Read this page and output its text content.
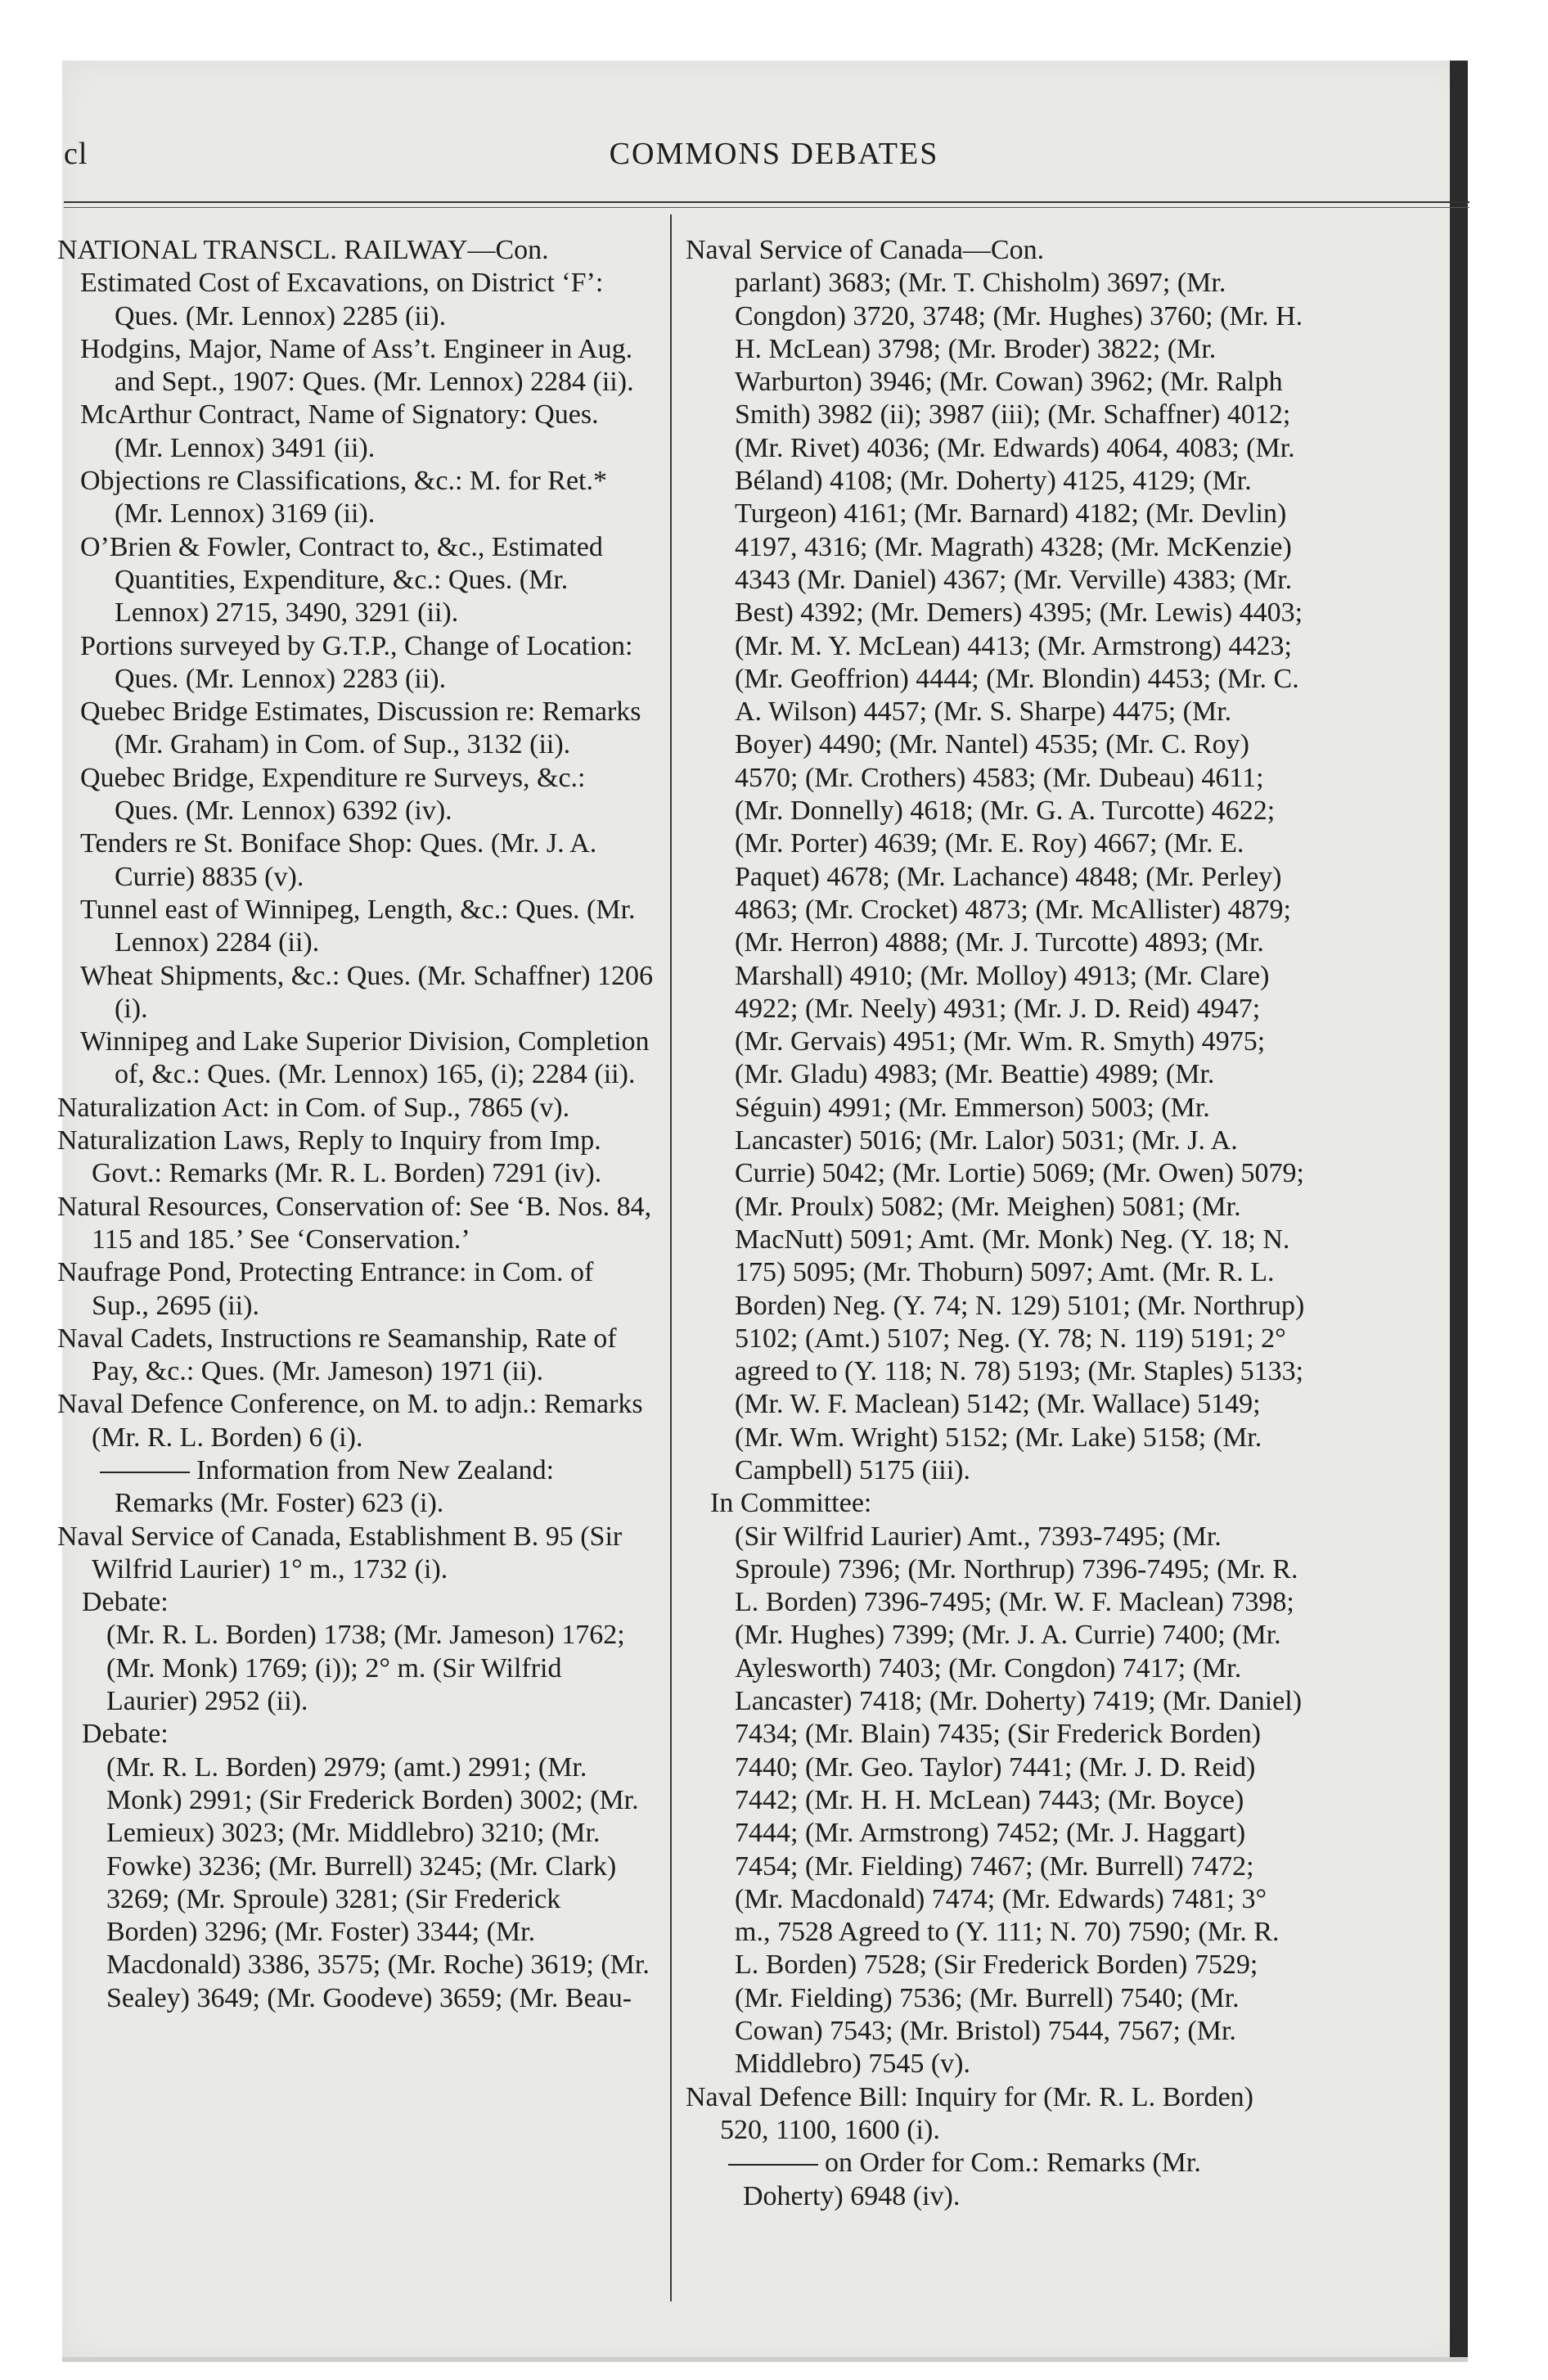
cl	COMMONS DEBATES

NATIONAL TRANSCL. RAILWAY—Con.

Estimated Cost of Excavations, on District ‘F’: Ques. (Mr. Lennox) 2285 (ii).

Hodgins, Major, Name of Ass’t. Engineer in Aug. and Sept., 1907: Ques. (Mr. Lennox) 2284 (ii).

McArthur Contract, Name of Signatory: Ques. (Mr. Lennox) 3491 (ii).

Objections re Classifications, &c.: M. for Ret.* (Mr. Lennox) 3169 (ii).

O’Brien & Fowler, Contract to, &c., Estimated Quantities, Expenditure, &c.: Ques. (Mr. Lennox) 2715, 3490, 3291 (ii).

Portions surveyed by G.T.P., Change of Location: Ques. (Mr. Lennox) 2283 (ii).

Quebec Bridge Estimates, Discussion re: Remarks (Mr. Graham) in Com. of Sup., 3132 (ii).

Quebec Bridge, Expenditure re Surveys, &c.: Ques. (Mr. Lennox) 6392 (iv).

Tenders re St. Boniface Shop: Ques. (Mr. J. A. Currie) 8835 (v).

Tunnel east of Winnipeg, Length, &c.: Ques. (Mr. Lennox) 2284 (ii).

Wheat Shipments, &c.: Ques. (Mr. Schaffner) 1206 (i).

Winnipeg and Lake Superior Division, Completion of, &c.: Ques. (Mr. Lennox) 165, (i); 2284 (ii).

Naturalization Act: in Com. of Sup., 7865 (v).

Naturalization Laws, Reply to Inquiry from Imp. Govt.: Remarks (Mr. R. L. Borden) 7291 (iv).

Natural Resources, Conservation of: See ‘B. Nos. 84, 115 and 185.’ See ‘Conservation.’

Naufrage Pond, Protecting Entrance: in Com. of Sup., 2695 (ii).

Naval Cadets, Instructions re Seamanship, Rate of Pay, &c.: Ques. (Mr. Jameson) 1971 (ii).

Naval Defence Conference, on M. to adjn.: Remarks (Mr. R. L. Borden) 6 (i).

Information from New Zealand: Remarks (Mr. Foster) 623 (i).

Naval Service of Canada, Establishment B. 95 (Sir Wilfrid Laurier) 1° m., 1732 (i).

Debate:

(Mr. R. L. Borden) 1738; (Mr. Jameson) 1762; (Mr. Monk) 1769; (i)); 2° m. (Sir Wilfrid Laurier) 2952 (ii).

Debate:

(Mr. R. L. Borden) 2979; (amt.) 2991; (Mr. Monk) 2991; (Sir Frederick Borden) 3002; (Mr. Lemieux) 3023; (Mr. Middlebro) 3210; (Mr. Fowke) 3236; (Mr. Burrell) 3245; (Mr. Clark) 3269; (Mr. Sproule) 3281; (Sir Frederick Borden) 3296; (Mr. Foster) 3344; (Mr. Macdonald) 3386, 3575; (Mr. Roche) 3619; (Mr. Sealey) 3649; (Mr. Goodeve) 3659; (Mr. Beau-

Naval Service of Canada—Con.

parlant) 3683; (Mr. T. Chisholm) 3697; (Mr. Congdon) 3720, 3748; (Mr. Hughes) 3760; (Mr. H. H. McLean) 3798; (Mr. Broder) 3822; (Mr. Warburton) 3946; (Mr. Cowan) 3962; (Mr. Ralph Smith) 3982 (ii); 3987 (iii); (Mr. Schaffner) 4012; (Mr. Rivet) 4036; (Mr. Edwards) 4064, 4083; (Mr. Béland) 4108; (Mr. Doherty) 4125, 4129; (Mr. Turgeon) 4161; (Mr. Barnard) 4182; (Mr. Devlin) 4197, 4316; (Mr. Magrath) 4328; (Mr. McKenzie) 4343 (Mr. Daniel) 4367; (Mr. Verville) 4383; (Mr. Best) 4392; (Mr. Demers) 4395; (Mr. Lewis) 4403; (Mr. M. Y. McLean) 4413; (Mr. Armstrong) 4423; (Mr. Geoffrion) 4444; (Mr. Blondin) 4453; (Mr. C. A. Wilson) 4457; (Mr. S. Sharpe) 4475; (Mr. Boyer) 4490; (Mr. Nantel) 4535; (Mr. C. Roy) 4570; (Mr. Crothers) 4583; (Mr. Dubeau) 4611; (Mr. Donnelly) 4618; (Mr. G. A. Turcotte) 4622; (Mr. Porter) 4639; (Mr. E. Roy) 4667; (Mr. E. Paquet) 4678; (Mr. Lachance) 4848; (Mr. Perley) 4863; (Mr. Crocket) 4873; (Mr. McAllister) 4879; (Mr. Herron) 4888; (Mr. J. Turcotte) 4893; (Mr. Marshall) 4910; (Mr. Molloy) 4913; (Mr. Clare) 4922; (Mr. Neely) 4931; (Mr. J. D. Reid) 4947; (Mr. Gervais) 4951; (Mr. Wm. R. Smyth) 4975; (Mr. Gladu) 4983; (Mr. Beattie) 4989; (Mr. Séguin) 4991; (Mr. Emmerson) 5003; (Mr. Lancaster) 5016; (Mr. Lalor) 5031; (Mr. J. A. Currie) 5042; (Mr. Lortie) 5069; (Mr. Owen) 5079; (Mr. Proulx) 5082; (Mr. Meighen) 5081; (Mr. MacNutt) 5091; Amt. (Mr. Monk) Neg. (Y. 18; N. 175) 5095; (Mr. Thoburn) 5097; Amt. (Mr. R. L. Borden) Neg. (Y. 74; N. 129) 5101; (Mr. Northrup) 5102; (Amt.) 5107; Neg. (Y. 78; N. 119) 5191; 2° agreed to (Y. 118; N. 78) 5193; (Mr. Staples) 5133; (Mr. W. F. Maclean) 5142; (Mr. Wallace) 5149; (Mr. Wm. Wright) 5152; (Mr. Lake) 5158; (Mr. Campbell) 5175 (iii).

In Committee:

(Sir Wilfrid Laurier) Amt., 7393-7495; (Mr. Sproule) 7396; (Mr. Northrup) 7396-7495; (Mr. R. L. Borden) 7396-7495; (Mr. W. F. Maclean) 7398; (Mr. Hughes) 7399; (Mr. J. A. Currie) 7400; (Mr. Aylesworth) 7403; (Mr. Congdon) 7417; (Mr. Lancaster) 7418; (Mr. Doherty) 7419; (Mr. Daniel) 7434; (Mr. Blain) 7435; (Sir Frederick Borden) 7440; (Mr. Geo. Taylor) 7441; (Mr. J. D. Reid) 7442; (Mr. H. H. McLean) 7443; (Mr. Boyce) 7444; (Mr. Armstrong) 7452; (Mr. J. Haggart) 7454; (Mr. Fielding) 7467; (Mr. Burrell) 7472; (Mr. Macdonald) 7474; (Mr. Edwards) 7481; 3° m., 7528 Agreed to (Y. 111; N. 70) 7590; (Mr. R. L. Borden) 7528; (Sir Frederick Borden) 7529; (Mr. Fielding) 7536; (Mr. Burrell) 7540; (Mr. Cowan) 7543; (Mr. Bristol) 7544, 7567; (Mr. Middlebro) 7545 (v).

Naval Defence Bill: Inquiry for (Mr. R. L. Borden) 520, 1100, 1600 (i).

on Order for Com.: Remarks (Mr. Doherty) 6948 (iv).
